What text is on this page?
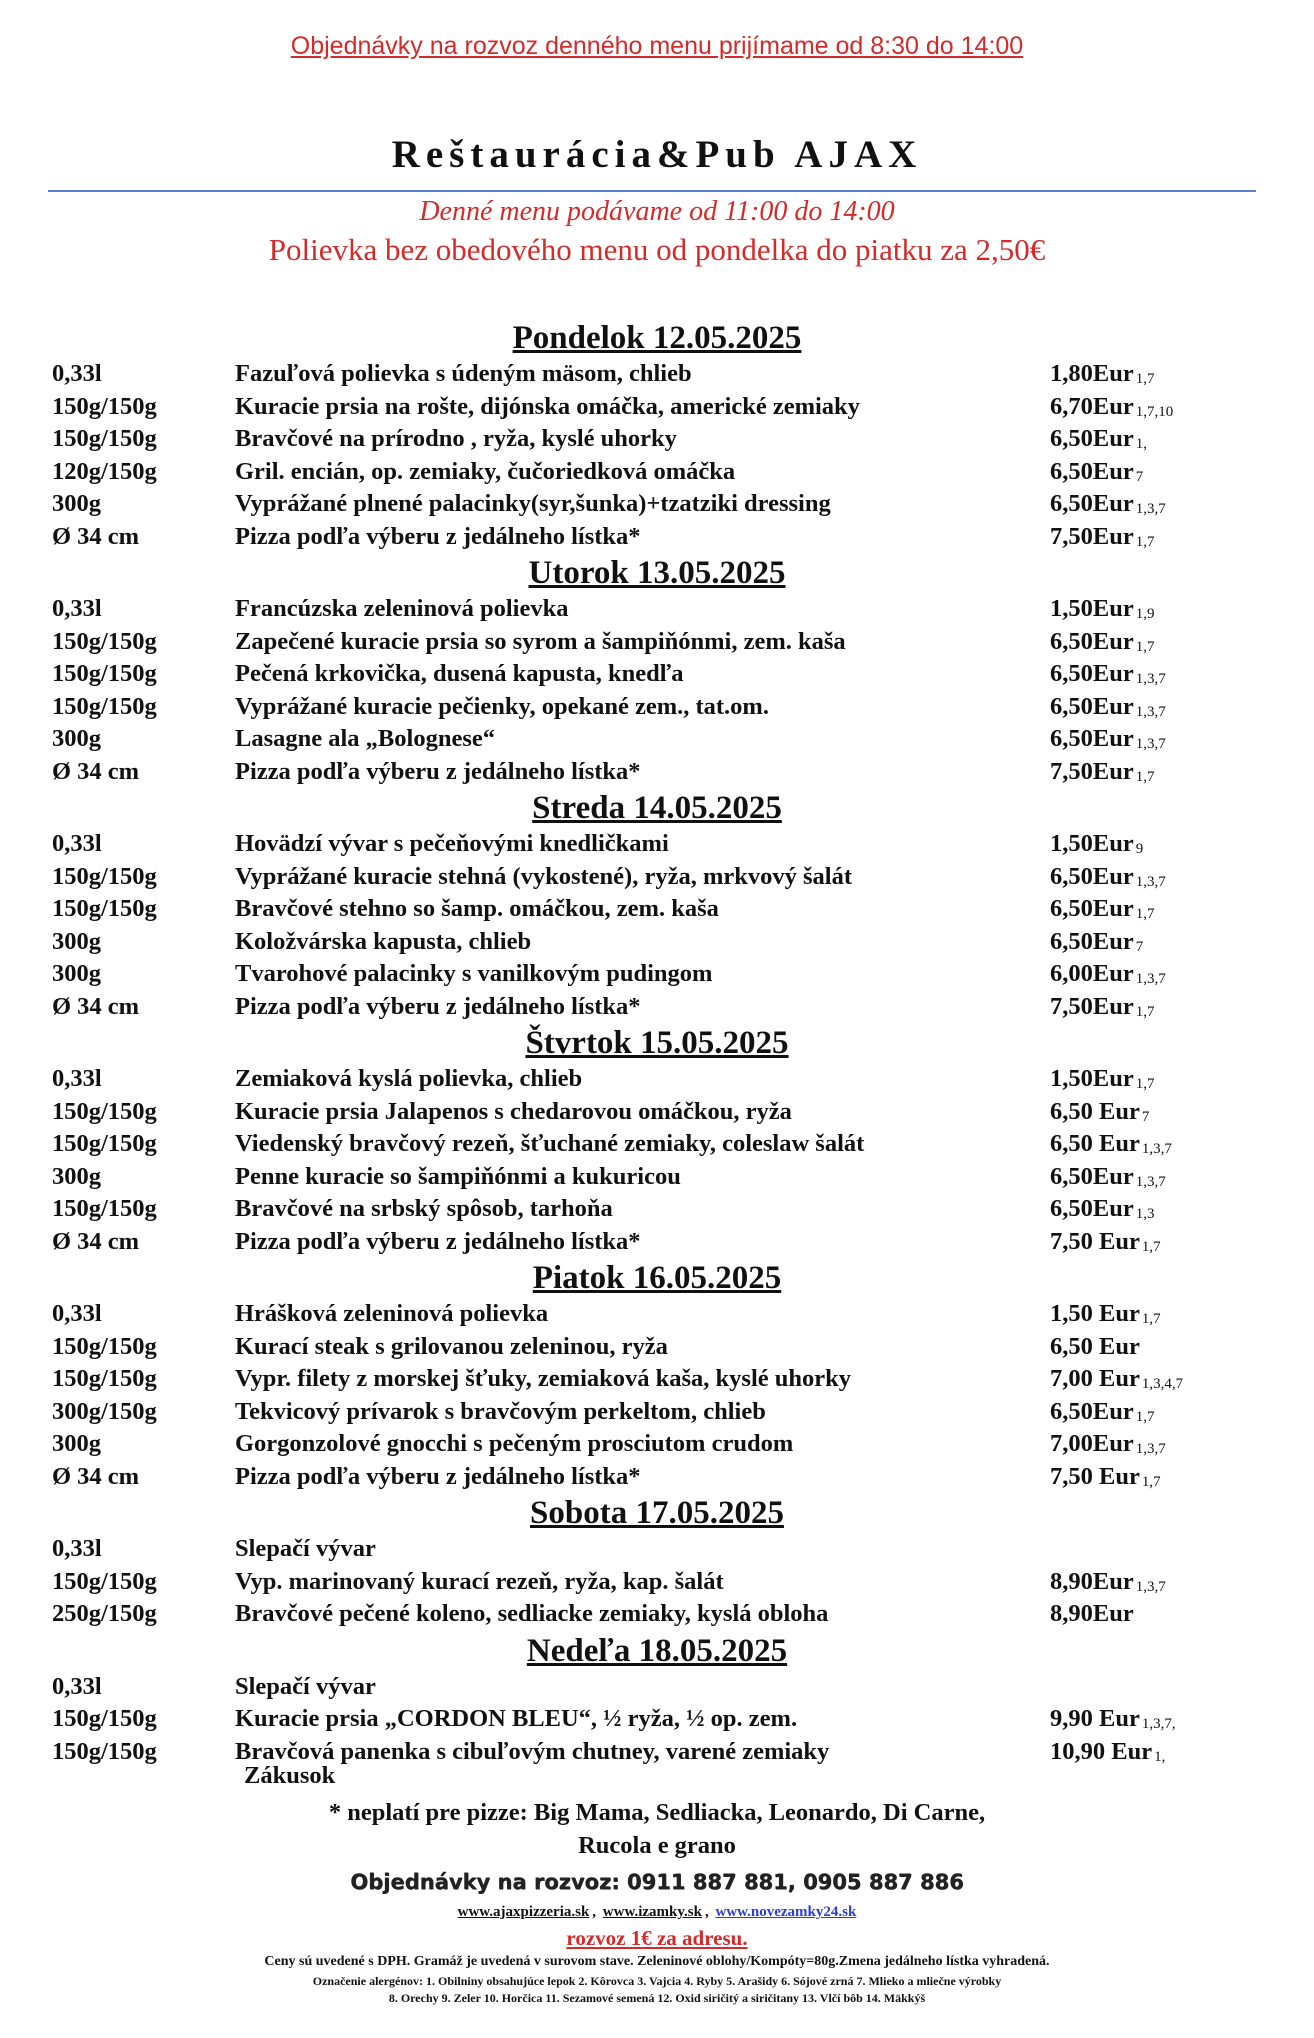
Objednávky na rozvoz denného menu prijímame od 8:30 do 14:00
Reštaurácia&Pub AJAX
Denné menu podávame od 11:00 do 14:00
Polievka bez obedového menu od pondelka do piatku za 2,50€
Pondelok 12.05.2025
0,33l	Fazuľová polievka s údeným mäsom, chlieb	1,80Eur $^{1,7}$
150g/150g	Kuracie prsia na rošte, dijónska omáčka, americké zemiaky	6,70Eur $^{1,7,10}$
150g/150g	Bravčové na prírodno , ryža, kyslé uhorky	6,50Eur $^{1,}$
120g/150g	Gril. encián, op. zemiaky, čučoriedková omáčka	6,50Eur $^7$
300g	Vyprážané plnené palacinky(syr,šunka)+tzatziki dressing	6,50Eur $^{1,3,7}$
Ø 34 cm	Pizza podľa výberu z jedálneho lístka*	7,50Eur $^{1,7}$
Utorok 13.05.2025
0,33l	Francúzska zeleninová polievka	1,50Eur $^{1,9}$
150g/150g	Zapečené kuracie prsia so syrom a šampiňónmi, zem. kaša	6,50Eur $^{1,7}$
150g/150g	Pečená krkovička, dusená kapusta, knedľa	6,50Eur $^{1,3,7}$
150g/150g	Vyprážané kuracie pečienky, opekané zem., tat.om.	6,50Eur $^{1,3,7}$
300g	Lasagne ala „Bolognese“	6,50Eur $^{1,3,7}$
Ø 34 cm	Pizza podľa výberu z jedálneho lístka*	7,50Eur $^{1,7}$
Streda 14.05.2025
0,33l	Hovädzí vývar s pečeňovými knedličkami	1,50Eur $^9$
150g/150g	Vyprážané kuracie stehná (vykostené), ryža, mrkvový šalát	6,50Eur $^{1,3,7}$
150g/150g	Bravčové stehno so šamp. omáčkou, zem. kaša	6,50Eur $^{1,7}$
300g	Koložvárska kapusta, chlieb	6,50Eur $^7$
300g	Tvarohové palacinky s vanilkovým pudingom	6,00Eur $^{1,3,7}$
Ø 34 cm	Pizza podľa výberu z jedálneho lístka*	7,50Eur $^{1,7}$
Štvrtok 15.05.2025
0,33l	Zemiaková kyslá polievka, chlieb	1,50Eur $^{1,7}$
150g/150g	Kuracie prsia Jalapenos s chedarovou omáčkou, ryža	6,50 Eur $^7$
150g/150g	Viedenský bravčový rezeň, šťuchané zemiaky, coleslaw šalát	6,50 Eur $^{1,3,7}$
300g	Penne kuracie so šampiňónmi a kukuricou	6,50Eur $^{1,3,7}$
150g/150g	Bravčové na srbský spôsob, tarhoňa	6,50Eur $^{1,3}$
Ø 34 cm	Pizza podľa výberu z jedálneho lístka*	7,50 Eur $^{1,7}$
Piatok 16.05.2025
0,33l	Hrášková zeleninová polievka	1,50 Eur $^{1,7}$
150g/150g	Kurací steak s grilovanou zeleninou, ryža	6,50 Eur
150g/150g	Vypr. filety z morskej šťuky, zemiaková kaša, kyslé uhorky	7,00 Eur $^{1,3,4,7}$
300g/150g	Tekvicový prívarok s bravčovým perkeltom, chlieb	6,50Eur $^{1,7}$
300g	Gorgonzolové gnocchi s pečeným prosciutom crudom	7,00Eur $^{1,3,7}$
Ø 34 cm	Pizza podľa výberu z jedálneho lístka*	7,50 Eur $^{1,7}$
Sobota 17.05.2025
0,33l	Slepačí vývar
150g/150g	Vyp. marinovaný kurací rezeň, ryža, kap. šalát	8,90Eur $^{1,3,7}$
250g/150g	Bravčové pečené koleno, sedliacke zemiaky, kyslá obloha	8,90Eur
Nedeľa 18.05.2025
0,33l	Slepačí vývar
150g/150g	Kuracie prsia „CORDON BLEU“, ½ ryža, ½ op. zem.	9,90 Eur $^{1,3,7,}$
150g/150g	Bravčová panenka s cibuľovým chutney, varené zemiaky	10,90 Eur $^{1,}$
Zákusok
* neplatí pre pizze: Big Mama, Sedliacka, Leonardo, Di Carne,
Rucola e grano
Objednávky na rozvoz: 0911 887 881, 0905 887 886
www.ajaxpizzeria.sk , www.izamky.sk , www.novezamky24.sk
rozvoz 1€ za adresu.
Ceny sú uvedené s DPH. Gramáž je uvedená v surovom stave. Zeleninové oblohy/Kompóty=80g.Zmena jedálneho lístka vyhradená.
Označenie alergénov: 1. Obilniny obsahujúce lepok 2. Kôrovca 3. Vajcia 4. Ryby 5. Arašidy 6. Sójové zrná 7. Mlieko a mliečne výrobky
8. Orechy 9. Zeler 10. Horčica 11. Sezamové semená 12. Oxid siričitý a siričitany 13. Vlčí bôb 14. Mäkkýš
